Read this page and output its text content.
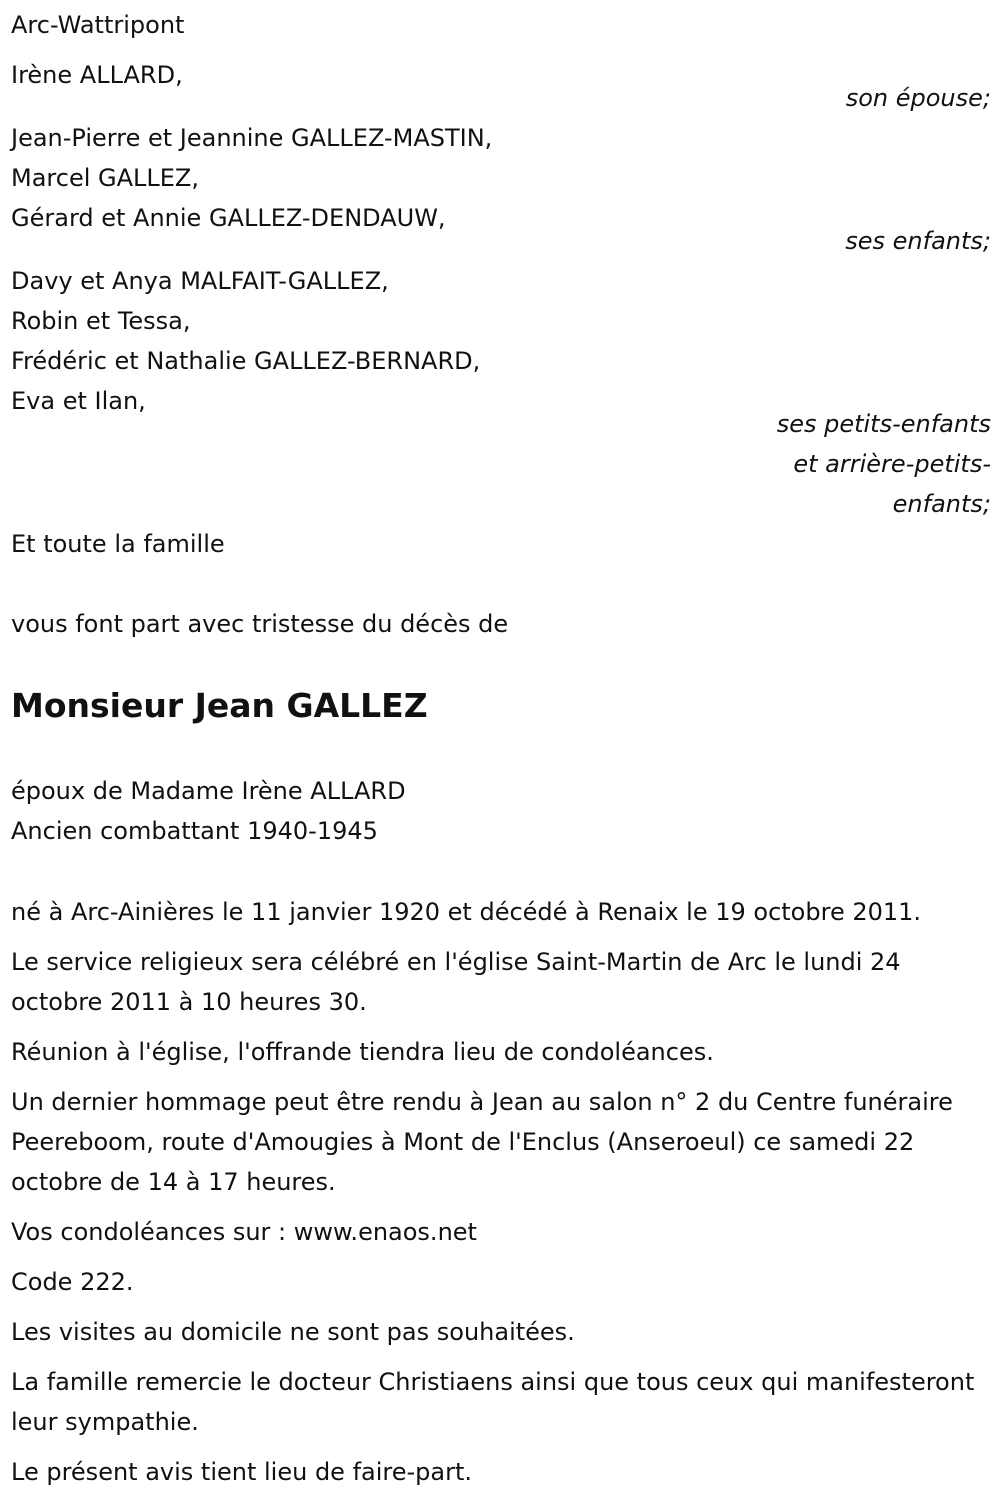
Arc-Wattripont
Irène ALLARD,
son épouse;
Jean-Pierre et Jeannine GALLEZ-MASTIN,
Marcel GALLEZ,
Gérard et Annie GALLEZ-DENDAUW,
ses enfants;
Davy et Anya MALFAIT-GALLEZ,
Robin et Tessa,
Frédéric et Nathalie GALLEZ-BERNARD,
Eva et Ilan,
ses petits-enfants
et arrière-petits-
enfants;
Et toute la famille
vous font part avec tristesse du décès de
Monsieur Jean GALLEZ
époux de Madame Irène ALLARD
Ancien combattant 1940-1945
né à Arc-Ainières le 11 janvier 1920 et décédé à Renaix le 19 octobre 2011.
Le service religieux sera célébré en l'église Saint-Martin de Arc le lundi 24 octobre 2011 à 10 heures 30.
Réunion à l'église, l'offrande tiendra lieu de condoléances.
Un dernier hommage peut être rendu à Jean au salon n° 2 du Centre funéraire Peereboom, route d'Amougies à Mont de l'Enclus (Anseroeul) ce samedi 22 octobre de 14 à 17 heures.
Vos condoléances sur : www.enaos.net
Code 222.
Les visites au domicile ne sont pas souhaitées.
La famille remercie le docteur Christiaens ainsi que tous ceux qui manifesteront leur sympathie.
Le présent avis tient lieu de faire-part.
